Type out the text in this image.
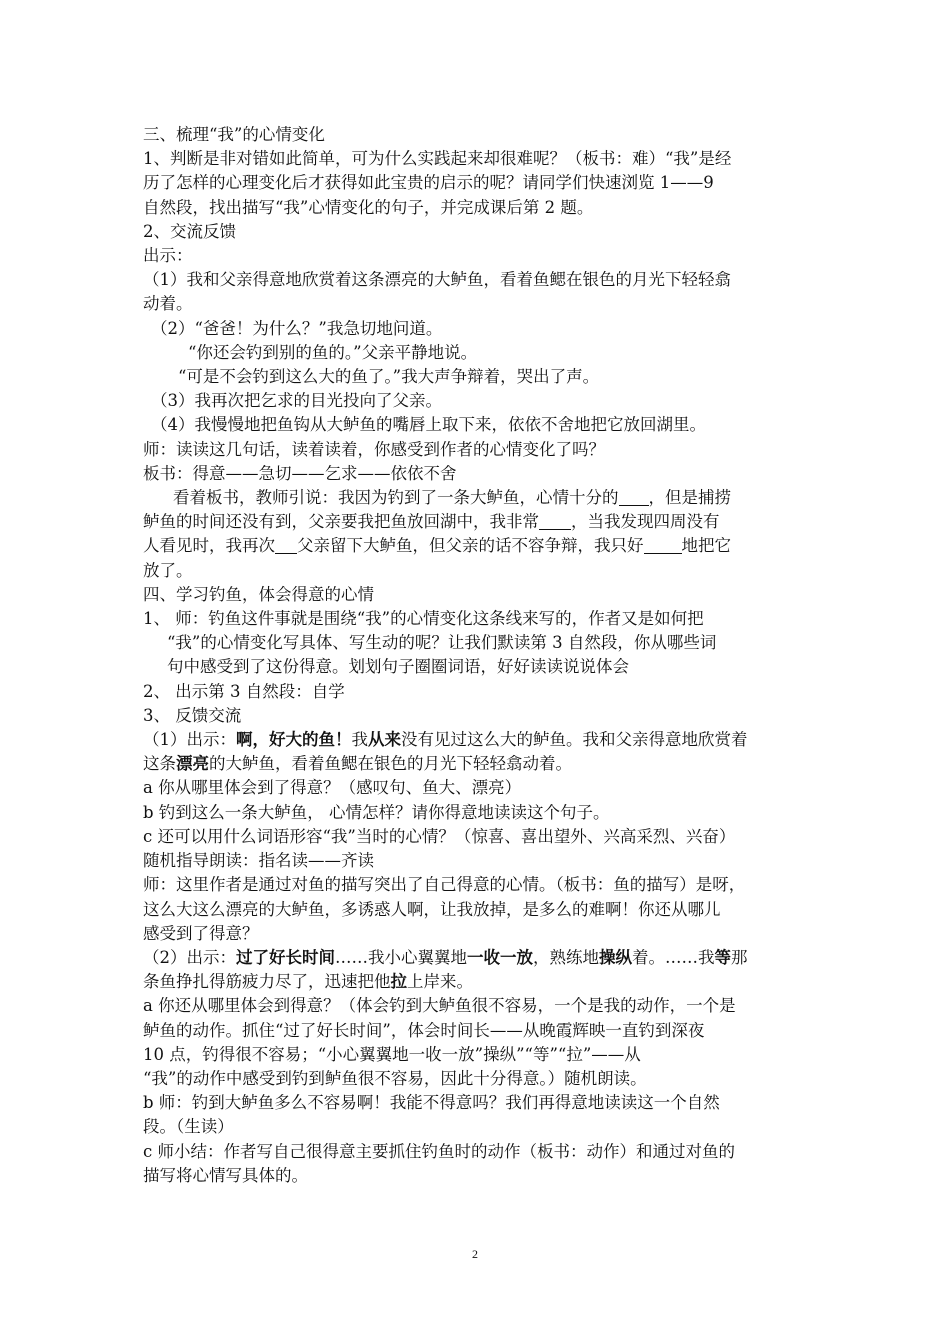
三、梳理“我”的心情变化
1、判断是非对错如此简单，可为什么实践起来却很难呢？（板书：难）“我”是经
历了怎样的心理变化后才获得如此宝贵的启示的呢？请同学们快速浏览 1——9
自然段，找出描写“我”心情变化的句子，并完成课后第 2 题。
2、交流反馈
出示：
（1）我和父亲得意地欣赏着这条漂亮的大鲈鱼，看着鱼鳃在银色的月光下轻轻翕
动着。
（2）“爸爸！为什么？”我急切地问道。
“你还会钓到别的鱼的。”父亲平静地说。
“可是不会钓到这么大的鱼了。”我大声争辩着，哭出了声。
（3）我再次把乞求的目光投向了父亲。
（4）我慢慢地把鱼钩从大鲈鱼的嘴唇上取下来，依依不舍地把它放回湖里。
师：读读这几句话，读着读着，你感受到作者的心情变化了吗？
板书：得意——急切——乞求——依依不舍
看着板书，教师引说：我因为钓到了一条大鲈鱼，心情十分的 ，但是捕捞
鲈鱼的时间还没有到，父亲要我把鱼放回湖中，我非常 ，当我发现四周没有
人看见时，我再次 父亲留下大鲈鱼，但父亲的话不容争辩，我只好 地把它
放了。
四、学习钓鱼，体会得意的心情
1、 师：钓鱼这件事就是围绕“我”的心情变化这条线来写的，作者又是如何把
“我”的心情变化写具体、写生动的呢？让我们默读第 3 自然段，你从哪些词
句中感受到了这份得意。划划句子圈圈词语，好好读读说说体会
2、 出示第 3 自然段：自学
3、 反馈交流
（1）出示：啊，好大的鱼！我从来没有见过这么大的鲈鱼。我和父亲得意地欣赏着
这条漂亮的大鲈鱼，看着鱼鳃在银色的月光下轻轻翕动着。
a 你从哪里体会到了得意？（感叹句、鱼大、漂亮）
b 钓到这么一条大鲈鱼， 心情怎样？请你得意地读读这个句子。
c 还可以用什么词语形容“我”当时的心情？（惊喜、喜出望外、兴高采烈、兴奋）
随机指导朗读：指名读——齐读
师：这里作者是通过对鱼的描写突出了自己得意的心情。（板书：鱼的描写）是呀，
这么大这么漂亮的大鲈鱼，多诱惑人啊，让我放掉，是多么的难啊！你还从哪儿
感受到了得意？
（2）出示：过了好长时间……我小心翼翼地一收一放，熟练地操纵着。……我等那
条鱼挣扎得筋疲力尽了，迅速把他拉上岸来。
a 你还从哪里体会到得意？（体会钓到大鲈鱼很不容易，一个是我的动作，一个是
鲈鱼的动作。抓住“过了好长时间”，体会时间长——从晚霞辉映一直钓到深夜
10 点，钓得很不容易；“小心翼翼地一收一放”操纵”“等”“拉”——从
“我”的动作中感受到钓到鲈鱼很不容易，因此十分得意。）随机朗读。
b 师：钓到大鲈鱼多么不容易啊！我能不得意吗？我们再得意地读读这一个自然
段。（生读）
c 师小结：作者写自己很得意主要抓住钓鱼时的动作（板书：动作）和通过对鱼的
描写将心情写具体的。
2
